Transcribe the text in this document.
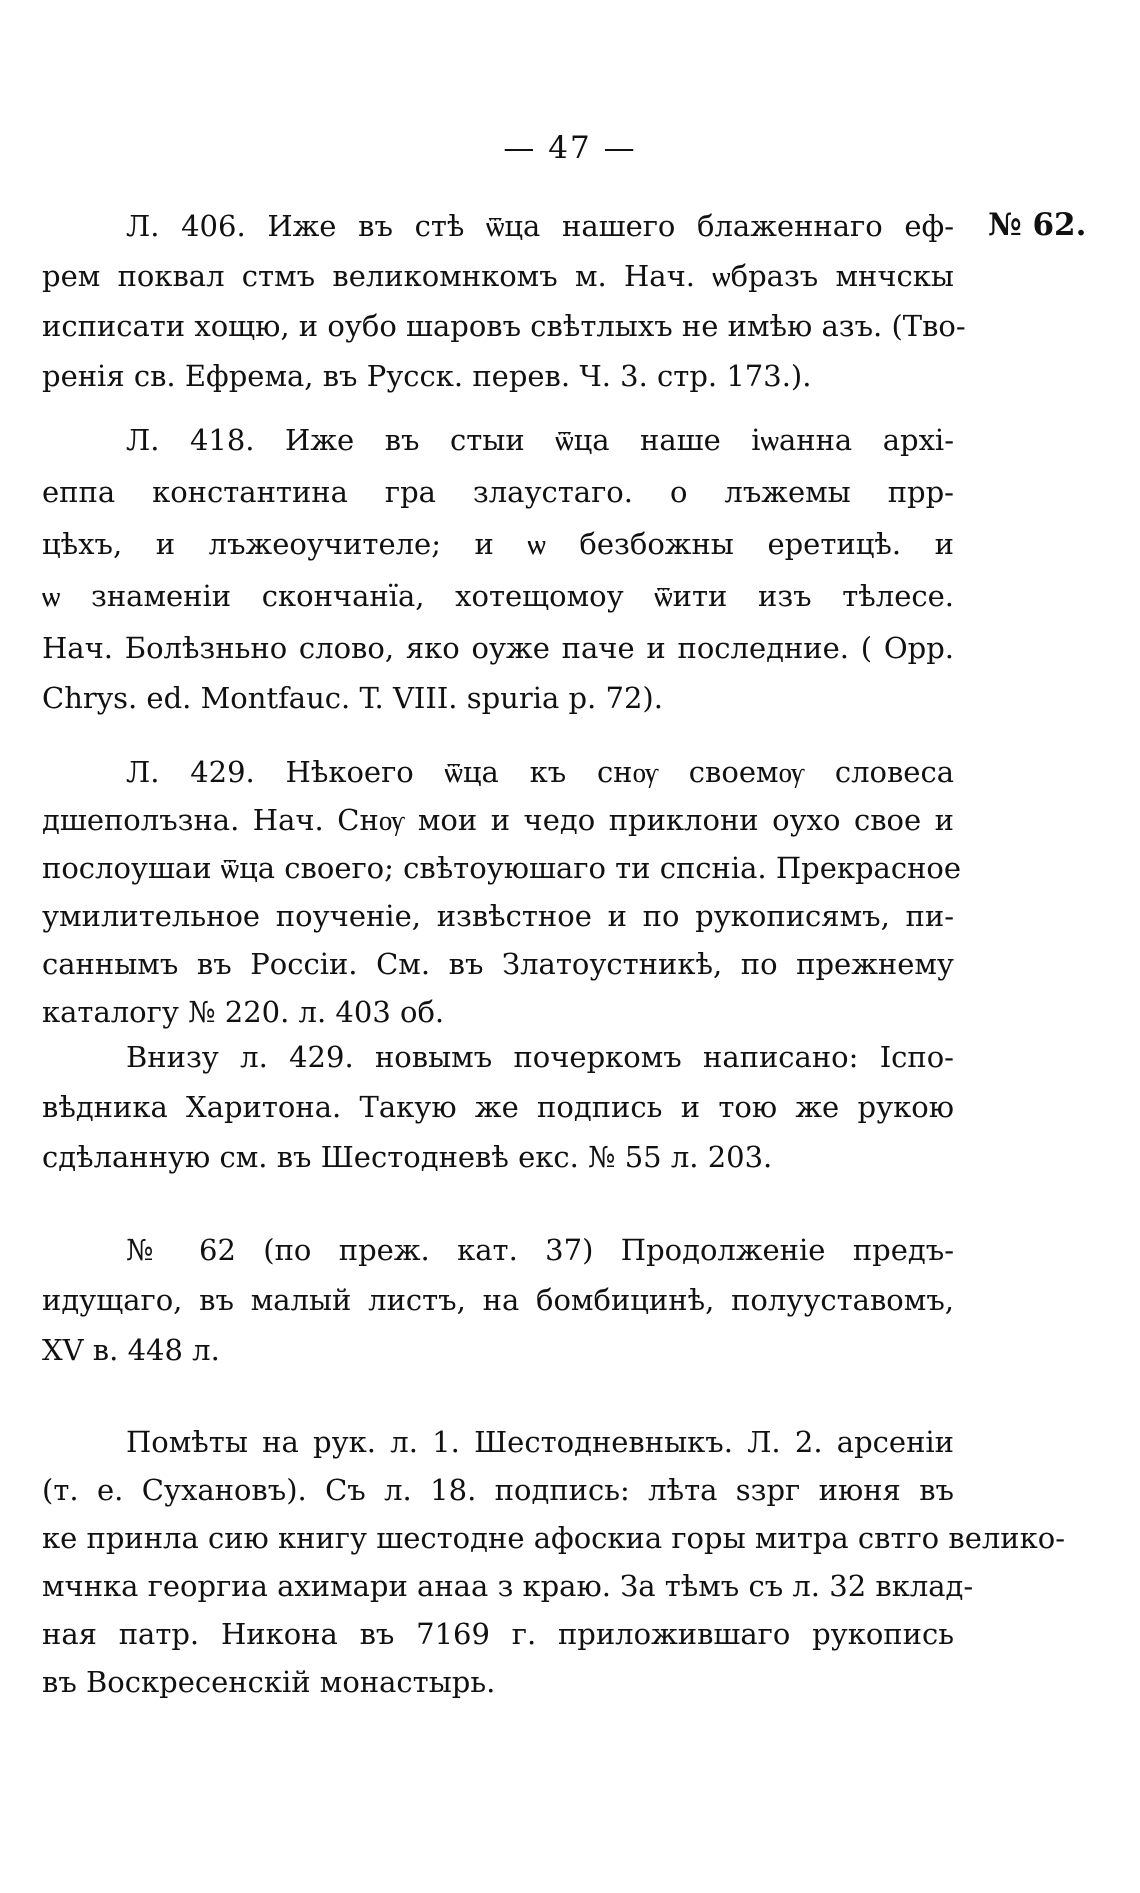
— 47 —
№ 62.
Л. 406. Иже въ стѣ ѿца нашего блаженнаго еф-
рем поквал стмъ великомнкомъ м. Нач. ѡбразъ мнчскы
исписати хощю, и оубо шаровъ свѣтлыхъ не имѣю азъ. (Тво-
ренія св. Ефрема, въ Русск. перев. Ч. 3. стр. 173.).
Л. 418. Иже въ стыи ѿца наше іѡанна архі-
еппа константина гра злаустаго. о лъжемы прр-
цѣхъ, и лъжеоучителе; и ѡ безбожны еретицѣ. и
ѡ знаменіи скончанїа, хотещомоу ѿити изъ тѣлесе.
Нач. Болѣзньно слово, яко оуже паче и последние. ( Opp.
Chrys. ed. Montfauc. T. VIII. spuria p. 72).
Л. 429. Нѣкоего ѿца къ снѹ своемѹ словеса
дшеполъзна. Нач. Снѹ мои и чедо приклони оухо свое и
послоушаи ѿца своего; свѣтоуюшаго ти спсніа. Прекрасное
умилительное поученіе, извѣстное и по рукописямъ, пи-
саннымъ въ Россіи. См. въ Златоустникѣ, по прежнему
каталогу № 220. л. 403 об.
Внизу л. 429. новымъ почеркомъ написано: Іспо-
вѣдника Харитона. Такую же подпись и тою же рукою
сдѣланную см. въ Шестодневѣ екс. № 55 л. 203.
№ 62 (по преж. кат. 37) Продолженіе предъ-
идущаго, въ малый листъ, на бомбицинѣ, полууставомъ,
XV в. 448 л.
Помѣты на рук. л. 1. Шестодневныкъ. Л. 2. арсеніи
(т. е. Сухановъ). Съ л. 18. подпись: лѣта ѕзрг июня въ
ке принла сию книгу шестодне афоскиа горы митра свтго велико-
мчнка георгиа ахимари анаа з краю. За тѣмъ съ л. 32 вклад-
ная патр. Никона въ 7169 г. приложившаго рукопись
въ Воскресенскій монастырь.
